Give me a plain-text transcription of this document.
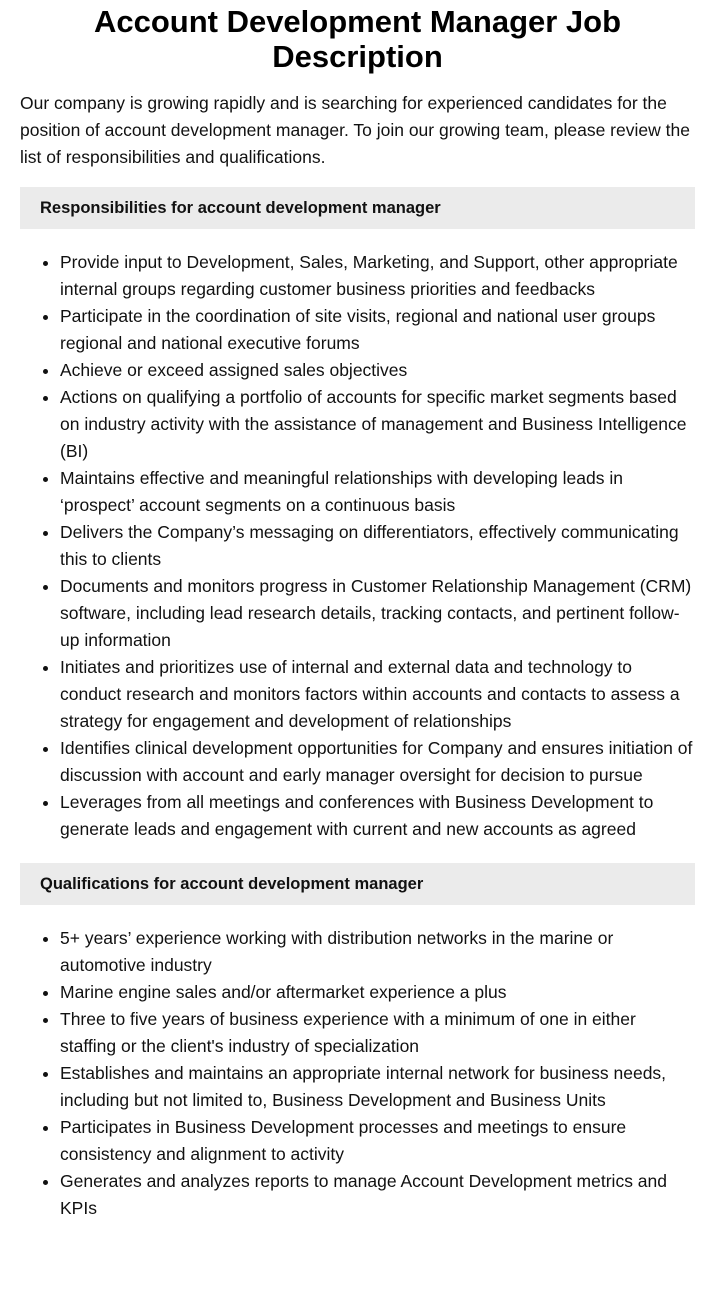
Account Development Manager Job Description

Our company is growing rapidly and is searching for experienced candidates for the position of account development manager. To join our growing team, please review the list of responsibilities and qualifications.

Responsibilities for account development manager
• Provide input to Development, Sales, Marketing, and Support, other appropriate internal groups regarding customer business priorities and feedbacks
• Participate in the coordination of site visits, regional and national user groups regional and national executive forums
• Achieve or exceed assigned sales objectives
• Actions on qualifying a portfolio of accounts for specific market segments based on industry activity with the assistance of management and Business Intelligence (BI)
• Maintains effective and meaningful relationships with developing leads in ‘prospect’ account segments on a continuous basis
• Delivers the Company’s messaging on differentiators, effectively communicating this to clients
• Documents and monitors progress in Customer Relationship Management (CRM) software, including lead research details, tracking contacts, and pertinent follow-up information
• Initiates and prioritizes use of internal and external data and technology to conduct research and monitors factors within accounts and contacts to assess a strategy for engagement and development of relationships
• Identifies clinical development opportunities for Company and ensures initiation of discussion with account and early manager oversight for decision to pursue
• Leverages from all meetings and conferences with Business Development to generate leads and engagement with current and new accounts as agreed
Qualifications for account development manager
• 5+ years’ experience working with distribution networks in the marine or automotive industry
• Marine engine sales and/or aftermarket experience a plus
• Three to five years of business experience with a minimum of one in either staffing or the client's industry of specialization
• Establishes and maintains an appropriate internal network for business needs, including but not limited to, Business Development and Business Units
• Participates in Business Development processes and meetings to ensure consistency and alignment to activity
• Generates and analyzes reports to manage Account Development metrics and KPIs
